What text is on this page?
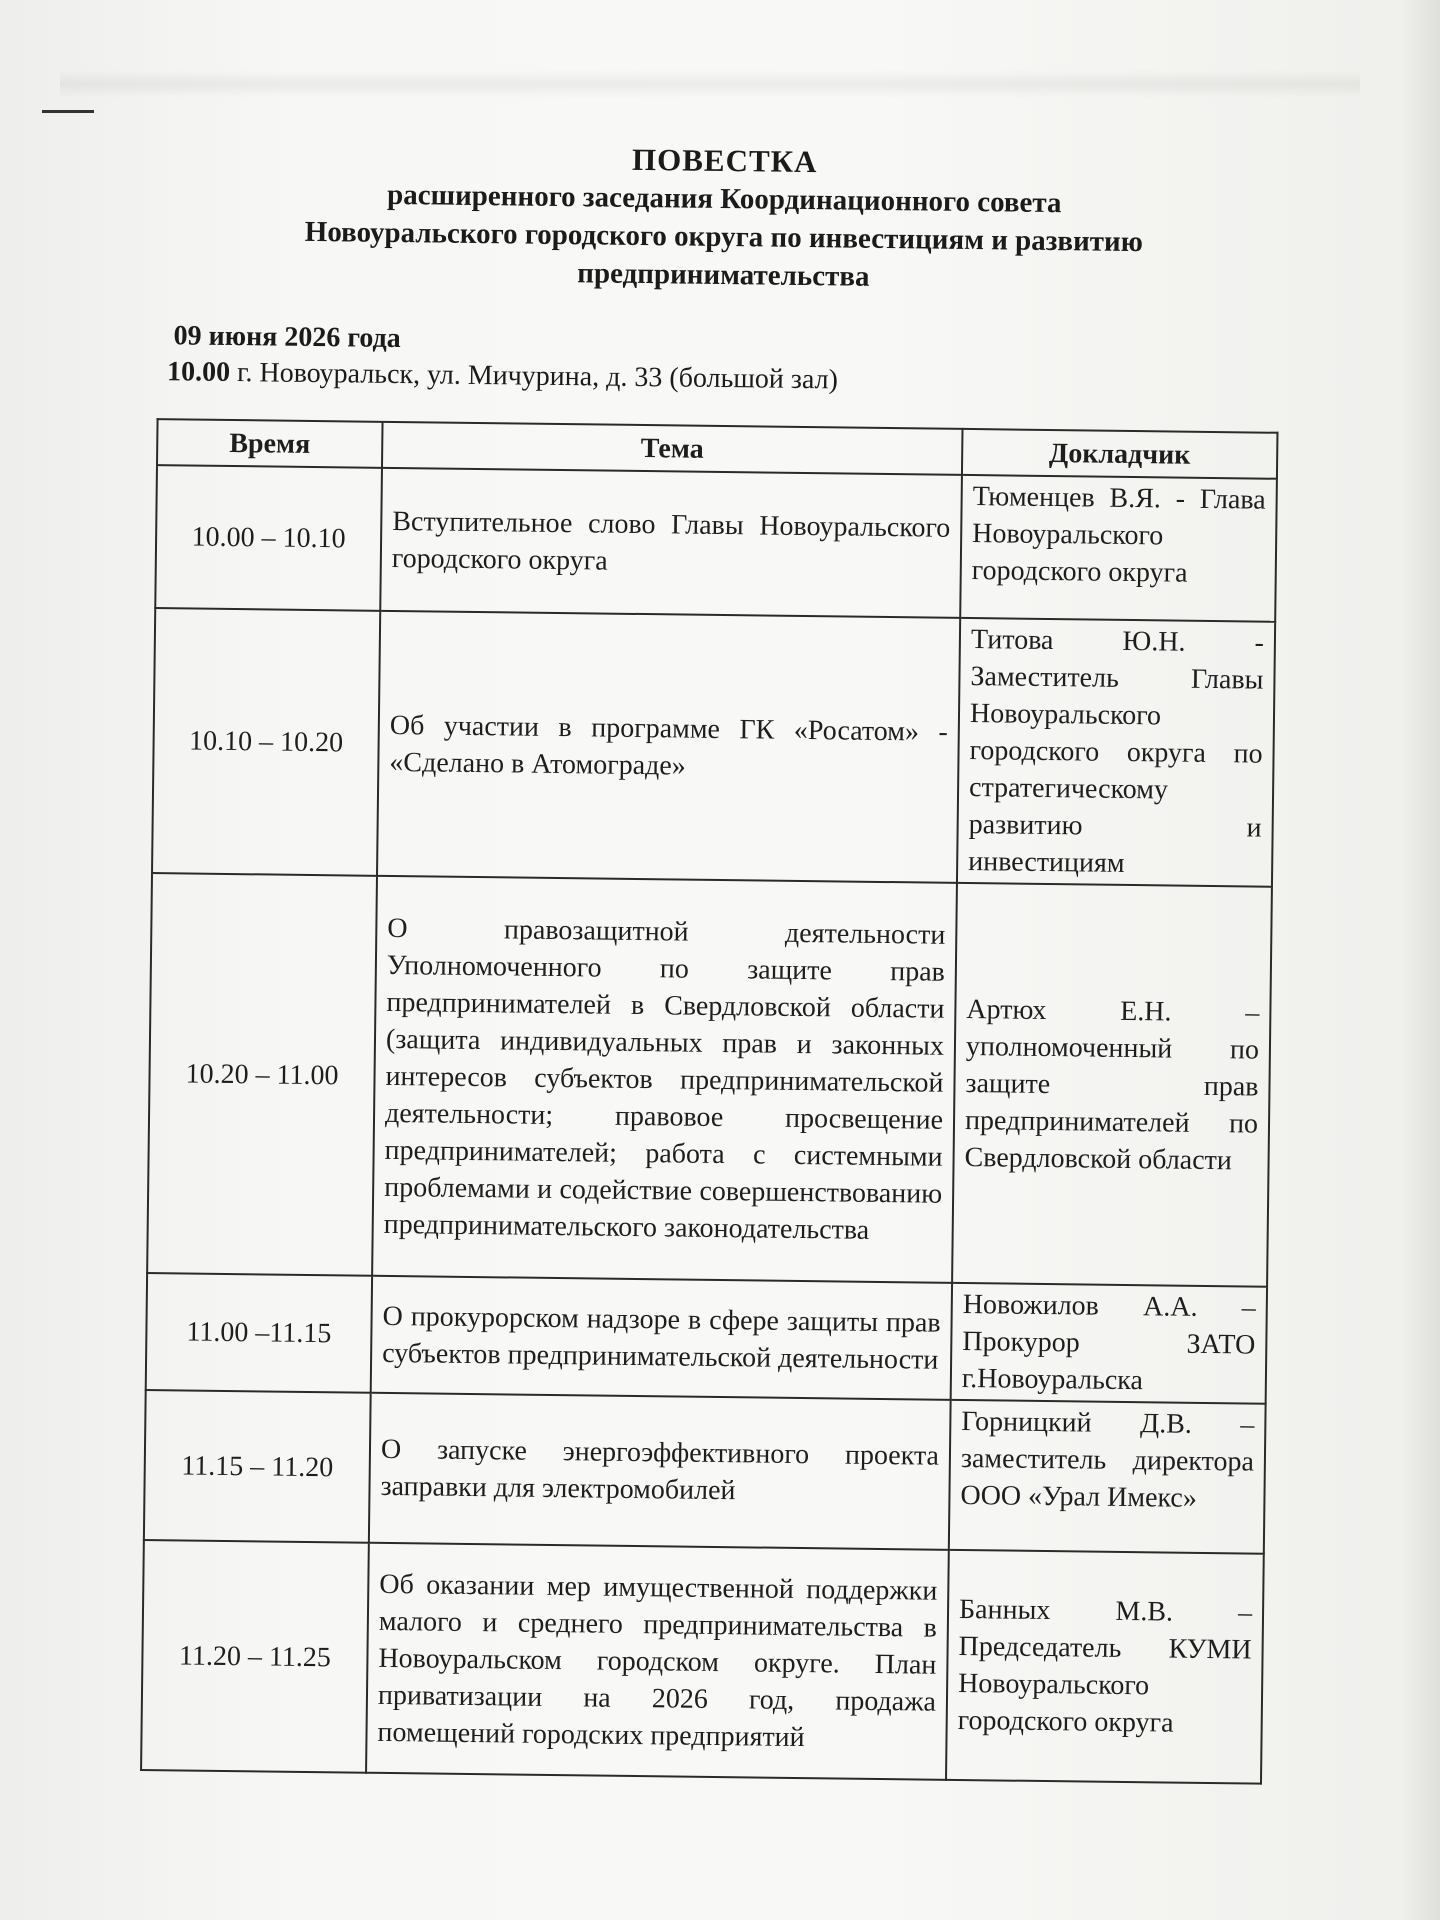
ПОВЕСТКА
расширенного заседания Координационного совета
Новоуральского городского округа по инвестициям и развитию
предпринимательства
09 июня 2026 года
10.00 г. Новоуральск, ул. Мичурина, д. 33 (большой зал)
Время	Тема	Докладчик
10.00 – 10.10	Вступительное слово Главы Новоуральского городского округа	Тюменцев В.Я. - Глава Новоуральского городского округа
10.10 – 10.20	Об участии в программе ГК «Росатом» - «Сделано в Атомограде»	Титова Ю.Н. - Заместитель Главы Новоуральского городского округа по стратегическому развитию и инвестициям
10.20 – 11.00	О правозащитной деятельности Уполномоченного по защите прав предпринимателей в Свердловской области (защита индивидуальных прав и законных интересов субъектов предпринимательской деятельности; правовое просвещение предпринимателей; работа с системными проблемами и содействие совершенствованию предпринимательского законодательства	Артюх Е.Н. – уполномоченный по защите прав предпринимателей по Свердловской области
11.00 –11.15	О прокурорском надзоре в сфере защиты прав субъектов предпринимательской деятельности	Новожилов А.А. – Прокурор ЗАТО г.Новоуральска
11.15 – 11.20	О запуске энергоэффективного проекта заправки для электромобилей	Горницкий Д.В. – заместитель директора ООО «Урал Имекс»
11.20 – 11.25	Об оказании мер имущественной поддержки малого и среднего предпринимательства в Новоуральском городском округе. План приватизации на 2026 год, продажа помещений городских предприятий	Банных М.В. – Председатель КУМИ Новоуральского городского округа
